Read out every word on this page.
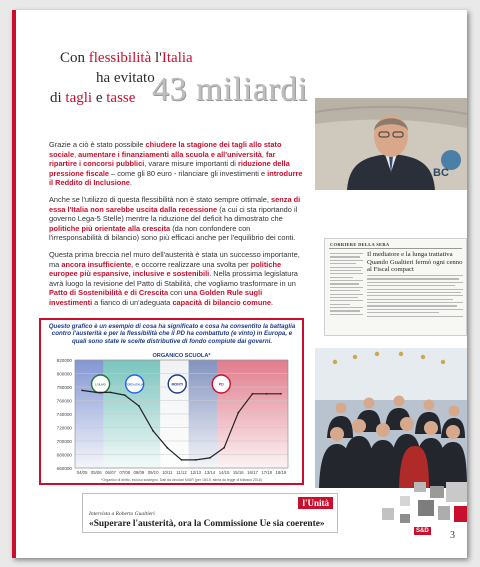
Con flessibilità l'Italia
ha evitato
di tagli e tasse 43 miliardi
BC

Grazie a ciò è stato possibile chiudere la stagione dei tagli allo stato sociale, aumentare i finanziamenti alla scuola e all'università, far ripartire i concorsi pubblici, varare misure importanti di riduzione della pressione fiscale – come gli 80 euro - rilanciare gli investimenti e introdurre il Reddito di Inclusione.

Anche se l'utilizzo di questa flessibilità non è stato sempre ottimale, senza di essa l'Italia non sarebbe uscita dalla recessione (a cui ci sta riportando il governo Lega-5 Stelle) mentre la riduzione del deficit ha dimostrato che politiche più orientate alla crescita (da non confondere con l'irresponsabilità di bilancio) sono più efficaci anche per l'equilibrio dei conti.

Questa prima breccia nel muro dell'austerità è stata un successo importante, ma ancora insufficiente, e occorre realizzare una svolta per politiche europee più espansive, inclusive e sostenibili. Nella prossima legislatura avrà luogo la revisione del Patto di Stabilità, che vogliamo trasformare in un Patto di Sostenibilità e di Crescita con una Golden Rule sugli investimenti a fianco di un'adeguata capacità di bilancio comune.

CORRIERE DELLA SERA
Il mediatore e la lunga trattativa Quando Gualtieri fermò ogni cenno al Fiscal compact
Questo grafico è un esempio di cosa ha significato e cosa ha consentito la battaglia contro l'austerità e per la flessibilità che il PD ha combattuto (e vinto) in Europa, e quali sono state le scelte distributive di fondo compiute dai governi.
660000
680000
700000
720000
740000
760000
780000
800000
820000
04/05 05/06 06/07 07/08 08/09 09/10 10/11 11/12 12/13 13/14 14/15 15/16 16/17 17/18 18/19
ORGANICO SCUOLA*
L'ULIVO	FORZA ITALIA	MONTI	PD
*Organico di diritto, incluso sostegno. Dati da circolari MIUR (per 18/19, stima da legge di bilancio 2018)
l'Unità
Intervista a Roberto Gualtieri
«Superare l'austerità, ora la Commissione Ue sia coerente»
S&D 3
